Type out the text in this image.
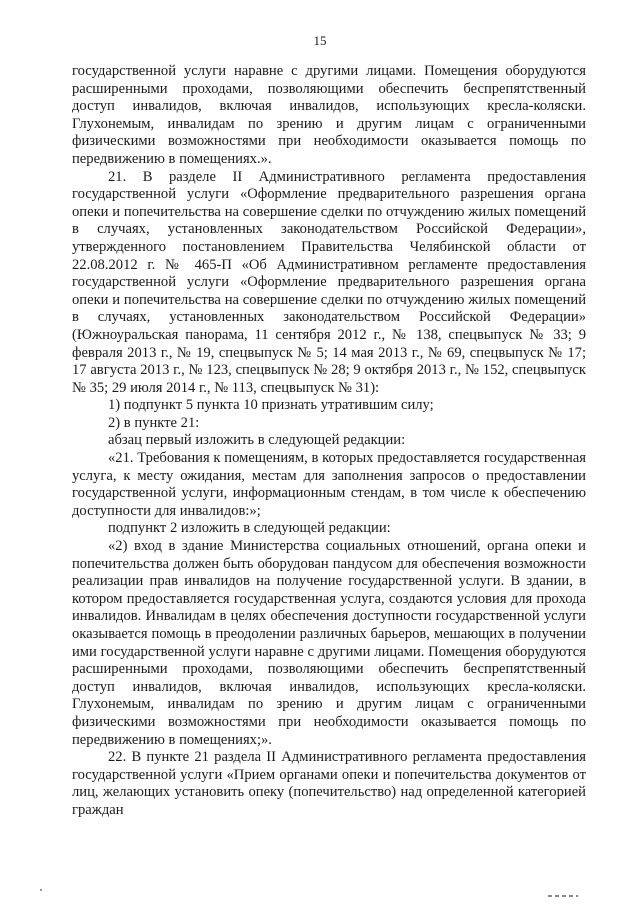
15

государственной услуги наравне с другими лицами. Помещения оборудуются расширенными проходами, позволяющими обеспечить беспрепятственный доступ инвалидов, включая инвалидов, использующих кресла-коляски. Глухонемым, инвалидам по зрению и другим лицам с ограниченными физическими возможностями при необходимости оказывается помощь по передвижению в помещениях.».

21. В разделе II Административного регламента предоставления государственной услуги «Оформление предварительного разрешения органа опеки и попечительства на совершение сделки по отчуждению жилых помещений в случаях, установленных законодательством Российской Федерации», утвержденного постановлением Правительства Челябинской области от 22.08.2012 г. № 465-П «Об Административном регламенте предоставления государственной услуги «Оформление предварительного разрешения органа опеки и попечительства на совершение сделки по отчуждению жилых помещений в случаях, установленных законодательством Российской Федерации» (Южноуральская панорама, 11 сентября 2012 г., № 138, спецвыпуск № 33; 9 февраля 2013 г., № 19, спецвыпуск № 5; 14 мая 2013 г., № 69, спецвыпуск № 17; 17 августа 2013 г., № 123, спецвыпуск № 28; 9 октября 2013 г., № 152, спецвыпуск № 35; 29 июля 2014 г., № 113, спецвыпуск № 31):

1) подпункт 5 пункта 10 признать утратившим силу;

2) в пункте 21:

абзац первый изложить в следующей редакции:

«21. Требования к помещениям, в которых предоставляется государственная услуга, к месту ожидания, местам для заполнения запросов о предоставлении государственной услуги, информационным стендам, в том числе к обеспечению доступности для инвалидов:»;

подпункт 2 изложить в следующей редакции:

«2) вход в здание Министерства социальных отношений, органа опеки и попечительства должен быть оборудован пандусом для обеспечения возможности реализации прав инвалидов на получение государственной услуги. В здании, в котором предоставляется государственная услуга, создаются условия для прохода инвалидов. Инвалидам в целях обеспечения доступности государственной услуги оказывается помощь в преодолении различных барьеров, мешающих в получении ими государственной услуги наравне с другими лицами. Помещения оборудуются расширенными проходами, позволяющими обеспечить беспрепятственный доступ инвалидов, включая инвалидов, использующих кресла-коляски. Глухонемым, инвалидам по зрению и другим лицам с ограниченными физическими возможностями при необходимости оказывается помощь по передвижению в помещениях;».

22. В пункте 21 раздела II Административного регламента предоставления государственной услуги «Прием органами опеки и попечительства документов от лиц, желающих установить опеку (попечительство) над определенной категорией граждан
